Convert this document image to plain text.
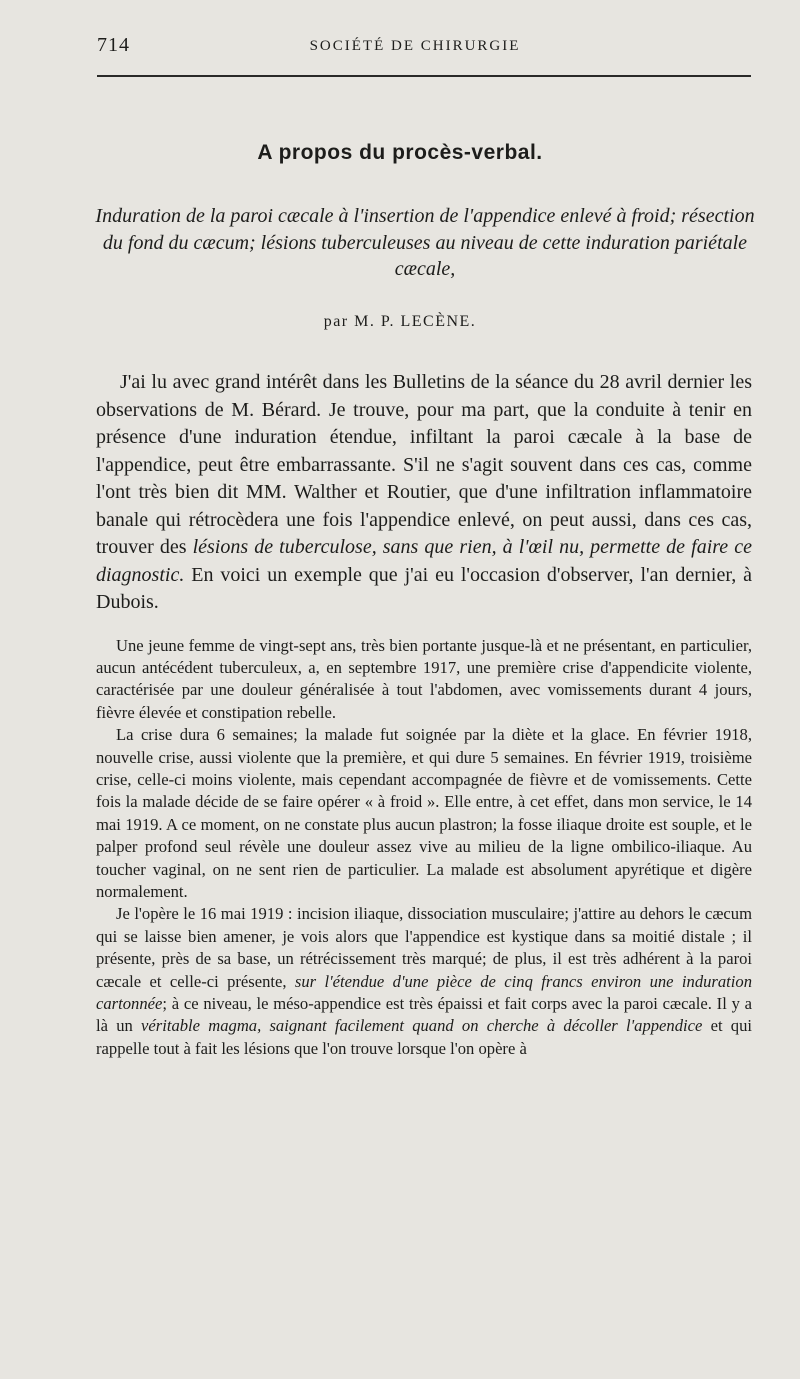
714	SOCIÉTÉ DE CHIRURGIE
A propos du procès-verbal.
Induration de la paroi cæcale à l'insertion de l'appendice enlevé à froid; résection du fond du cæcum; lésions tuberculeuses au niveau de cette induration pariétale cæcale,
par M. P. LECÈNE.

J'ai lu avec grand intérêt dans les Bulletins de la séance du 28 avril dernier les observations de M. Bérard. Je trouve, pour ma part, que la conduite à tenir en présence d'une induration étendue, infiltant la paroi cæcale à la base de l'appendice, peut être embarrassante. S'il ne s'agit souvent dans ces cas, comme l'ont très bien dit MM. Walther et Routier, que d'une infiltration inflammatoire banale qui rétrocèdera une fois l'appendice enlevé, on peut aussi, dans ces cas, trouver des lésions de tuberculose, sans que rien, à l'œil nu, permette de faire ce diagnostic. En voici un exemple que j'ai eu l'occasion d'observer, l'an dernier, à Dubois.

Une jeune femme de vingt-sept ans, très bien portante jusque-là et ne présentant, en particulier, aucun antécédent tuberculeux, a, en septembre 1917, une première crise d'appendicite violente, caractérisée par une douleur généralisée à tout l'abdomen, avec vomissements durant 4 jours, fièvre élevée et constipation rebelle.

La crise dura 6 semaines; la malade fut soignée par la diète et la glace. En février 1918, nouvelle crise, aussi violente que la première, et qui dure 5 semaines. En février 1919, troisième crise, celle-ci moins violente, mais cependant accompagnée de fièvre et de vomissements. Cette fois la malade décide de se faire opérer « à froid ». Elle entre, à cet effet, dans mon service, le 14 mai 1919. A ce moment, on ne constate plus aucun plastron; la fosse iliaque droite est souple, et le palper profond seul révèle une douleur assez vive au milieu de la ligne ombilico-iliaque. Au toucher vaginal, on ne sent rien de particulier. La malade est absolument apyrétique et digère normalement.

Je l'opère le 16 mai 1919 : incision iliaque, dissociation musculaire; j'attire au dehors le cæcum qui se laisse bien amener, je vois alors que l'appendice est kystique dans sa moitié distale ; il présente, près de sa base, un rétrécissement très marqué; de plus, il est très adhérent à la paroi cæcale et celle-ci présente, sur l'étendue d'une pièce de cinq francs environ une induration cartonnée; à ce niveau, le méso-appendice est très épaissi et fait corps avec la paroi cæcale. Il y a là un véritable magma, saignant facilement quand on cherche à décoller l'appendice et qui rappelle tout à fait les lésions que l'on trouve lorsque l'on opère à
